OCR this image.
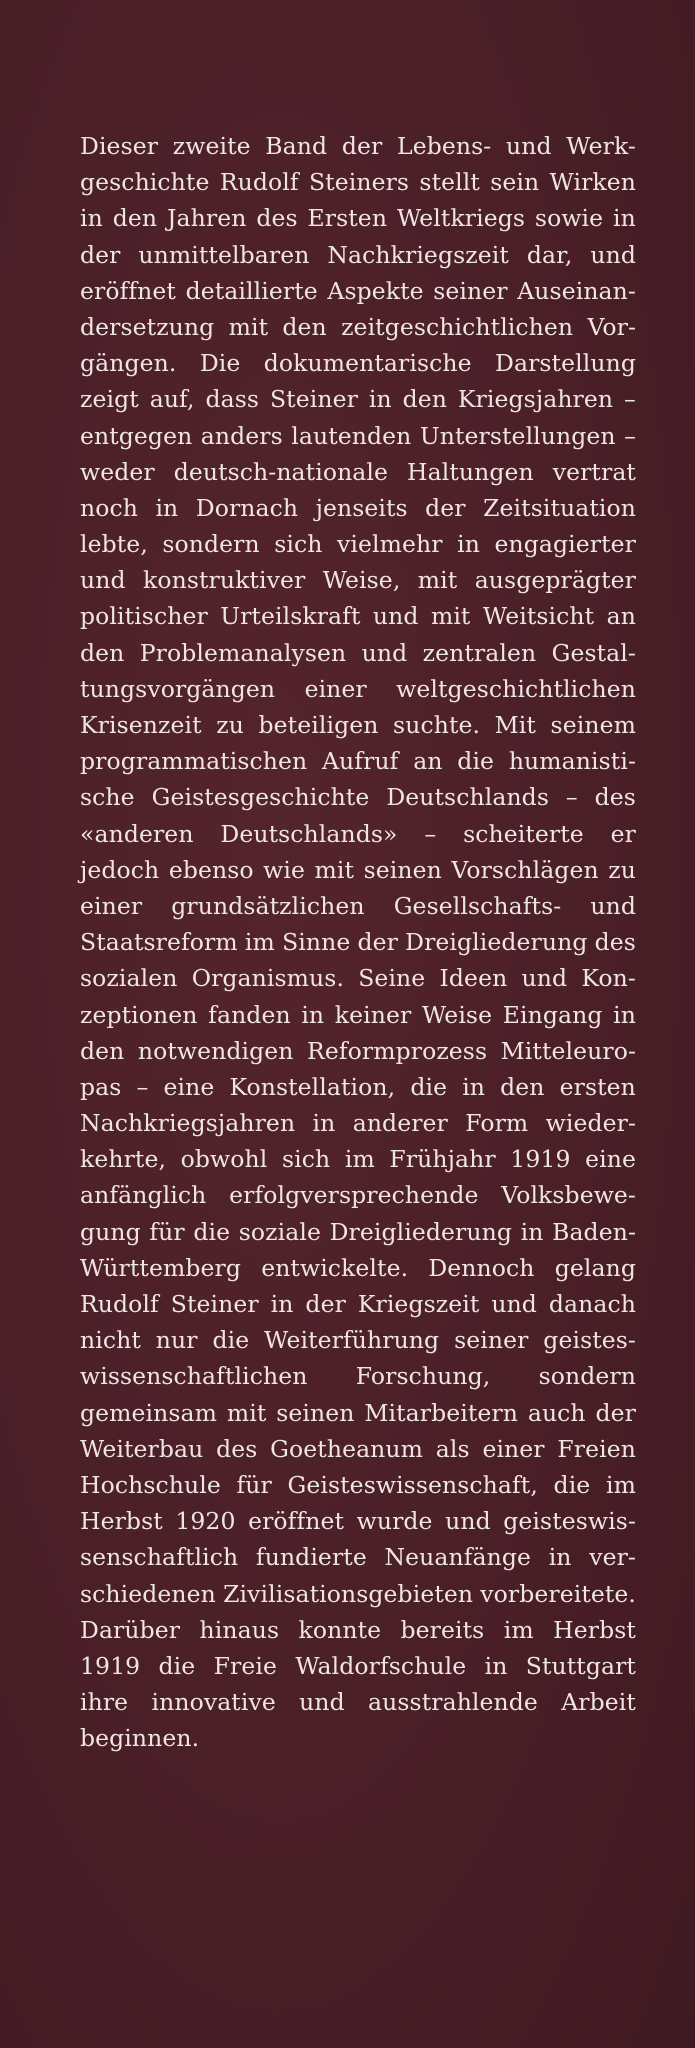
Dieser zweite Band der Lebens- und Werk-
geschichte Rudolf Steiners stellt sein Wirken
in den Jahren des Ersten Weltkriegs sowie in
der unmittelbaren Nachkriegszeit dar, und
eröffnet detaillierte Aspekte seiner Auseinan-
dersetzung mit den zeitgeschichtlichen Vor-
gängen. Die dokumentarische Darstellung
zeigt auf, dass Steiner in den Kriegsjahren –
entgegen anders lautenden Unterstellungen –
weder deutsch-nationale Haltungen vertrat
noch in Dornach jenseits der Zeitsituation
lebte, sondern sich vielmehr in engagierter
und konstruktiver Weise, mit ausgeprägter
politischer Urteilskraft und mit Weitsicht an
den Problemanalysen und zentralen Gestal-
tungsvorgängen einer weltgeschichtlichen
Krisenzeit zu beteiligen suchte. Mit seinem
programmatischen Aufruf an die humanisti-
sche Geistesgeschichte Deutschlands – des
«anderen Deutschlands» – scheiterte er
jedoch ebenso wie mit seinen Vorschlägen zu
einer grundsätzlichen Gesellschafts- und
Staatsreform im Sinne der Dreigliederung des
sozialen Organismus. Seine Ideen und Kon-
zeptionen fanden in keiner Weise Eingang in
den notwendigen Reformprozess Mitteleuro-
pas – eine Konstellation, die in den ersten
Nachkriegsjahren in anderer Form wieder-
kehrte, obwohl sich im Frühjahr 1919 eine
anfänglich erfolgversprechende Volksbewe-
gung für die soziale Dreigliederung in Baden-
Württemberg entwickelte. Dennoch gelang
Rudolf Steiner in der Kriegszeit und danach
nicht nur die Weiterführung seiner geistes-
wissenschaftlichen Forschung, sondern
gemeinsam mit seinen Mitarbeitern auch der
Weiterbau des Goetheanum als einer Freien
Hochschule für Geisteswissenschaft, die im
Herbst 1920 eröffnet wurde und geisteswis-
senschaftlich fundierte Neuanfänge in ver-
schiedenen Zivilisationsgebieten vorbereitete.
Darüber hinaus konnte bereits im Herbst
1919 die Freie Waldorfschule in Stuttgart
ihre innovative und ausstrahlende Arbeit
beginnen.
